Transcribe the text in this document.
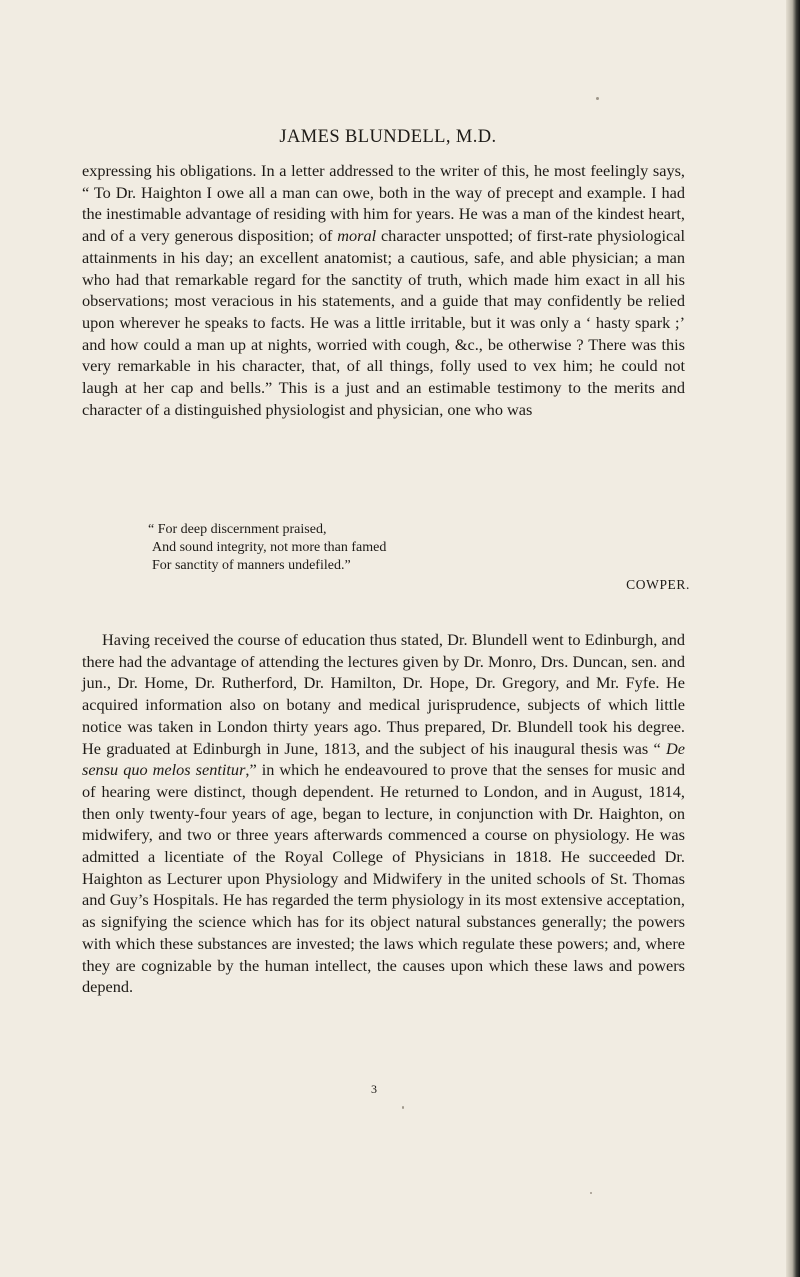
JAMES BLUNDELL, M.D.

expressing his obligations. In a letter addressed to the writer of this, he most feelingly says, “ To Dr. Haighton I owe all a man can owe, both in the way of precept and example. I had the inestimable advantage of residing with him for years. He was a man of the kindest heart, and of a very generous disposition; of moral character unspotted; of first-rate physiological attainments in his day; an excellent anatomist; a cautious, safe, and able physician; a man who had that remarkable regard for the sanctity of truth, which made him exact in all his observations; most veracious in his statements, and a guide that may confidently be relied upon wherever he speaks to facts. He was a little irritable, but it was only a ‘ hasty spark ;’ and how could a man up at nights, worried with cough, &c., be otherwise ? There was this very remarkable in his character, that, of all things, folly used to vex him; he could not laugh at her cap and bells.” This is a just and an estimable testimony to the merits and character of a distinguished physiologist and physician, one who was

“ For deep discernment praised,
And sound integrity, not more than famed
For sanctity of manners undefiled.”
COWPER.

Having received the course of education thus stated, Dr. Blundell went to Edinburgh, and there had the advantage of attending the lectures given by Dr. Monro, Drs. Duncan, sen. and jun., Dr. Home, Dr. Rutherford, Dr. Hamilton, Dr. Hope, Dr. Gregory, and Mr. Fyfe. He acquired information also on botany and medical jurisprudence, subjects of which little notice was taken in London thirty years ago. Thus prepared, Dr. Blundell took his degree. He graduated at Edinburgh in June, 1813, and the subject of his inaugural thesis was “ De sensu quo melos sentitur,” in which he endeavoured to prove that the senses for music and of hearing were distinct, though dependent. He returned to London, and in August, 1814, then only twenty-four years of age, began to lecture, in conjunction with Dr. Haighton, on midwifery, and two or three years afterwards commenced a course on physiology. He was admitted a licentiate of the Royal College of Physicians in 1818. He succeeded Dr. Haighton as Lecturer upon Physiology and Midwifery in the united schools of St. Thomas and Guy’s Hospitals. He has regarded the term physiology in its most extensive acceptation, as signifying the science which has for its object natural substances generally; the powers with which these substances are invested; the laws which regulate these powers; and, where they are cognizable by the human intellect, the causes upon which these laws and powers depend.

3
